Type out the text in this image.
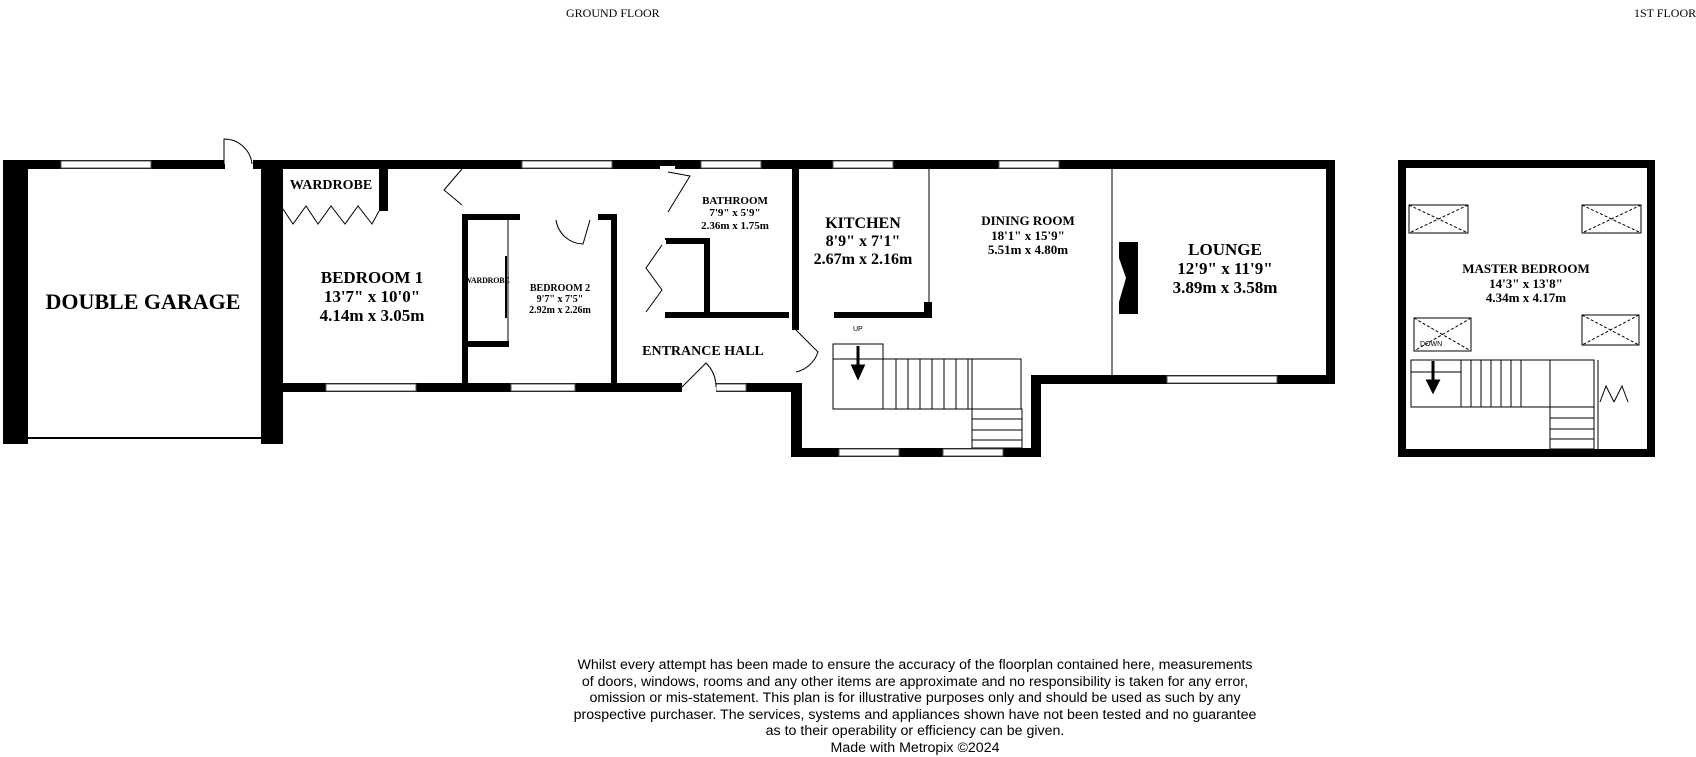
GROUND FLOOR	1ST FLOOR
DOUBLE GARAGE
WARDROBE
BEDROOM 1
13'7" x 10'0"
4.14m x 3.05m
WARDROBE
BEDROOM 2
9'7" x 7'5"
2.92m x 2.26m
BATHROOM
7'9" x 5'9"
2.36m x 1.75m
ENTRANCE HALL
KITCHEN
8'9" x 7'1"
2.67m x 2.16m
DINING ROOM
18'1" x 15'9"
5.51m x 4.80m	LOUNGE
12'9" x 11'9"
3.89m x 3.58m
MASTER BEDROOM
14'3" x 13'8"
4.34m x 4.17m
UP
DOWN
Whilst every attempt has been made to ensure the accuracy of the floorplan contained here, measurements
of doors, windows, rooms and any other items are approximate and no responsibility is taken for any error,
omission or mis-statement. This plan is for illustrative purposes only and should be used as such by any
prospective purchaser. The services, systems and appliances shown have not been tested and no guarantee
as to their operability or efficiency can be given.
Made with Metropix ©2024
